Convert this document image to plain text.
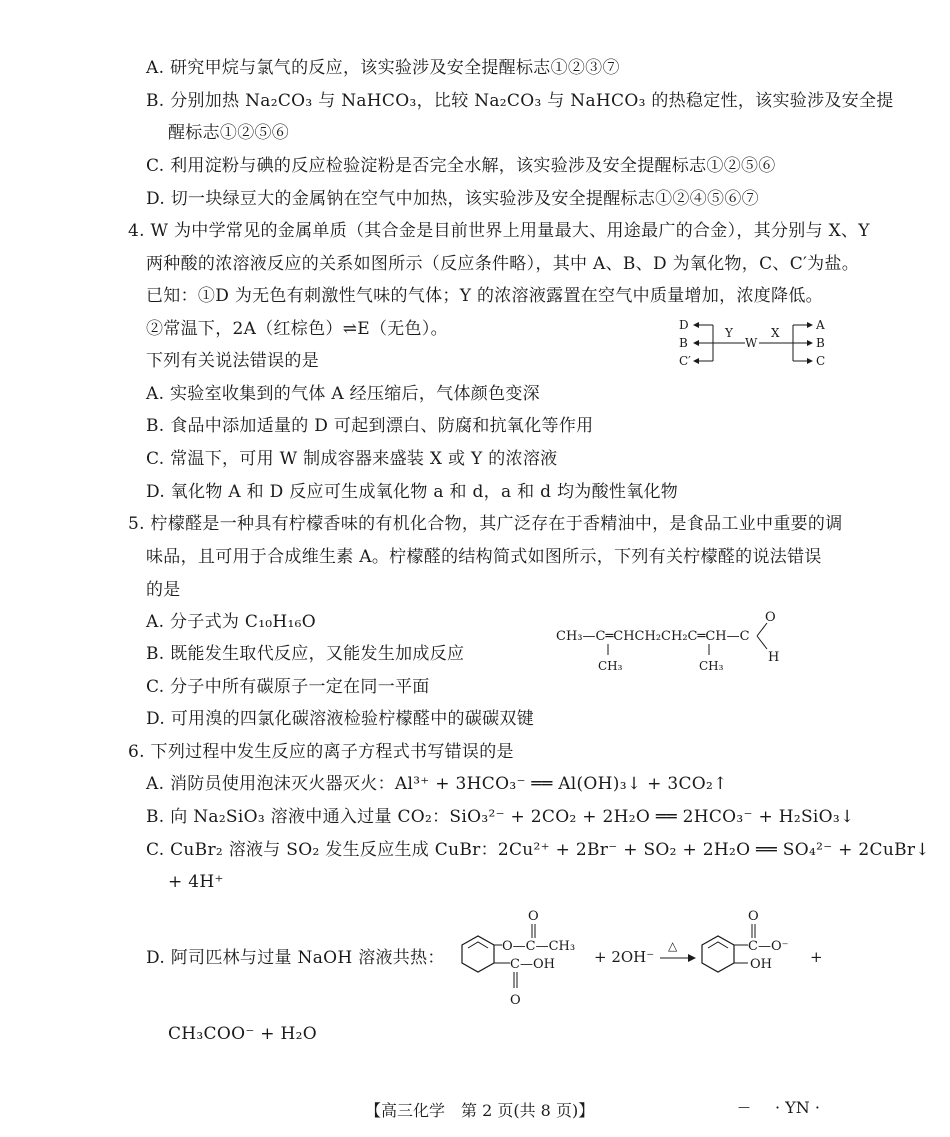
A. 研究甲烷与氯气的反应，该实验涉及安全提醒标志①②③⑦
B. 分别加热 Na₂CO₃ 与 NaHCO₃，比较 Na₂CO₃ 与 NaHCO₃ 的热稳定性，该实验涉及安全提
醒标志①②⑤⑥
C. 利用淀粉与碘的反应检验淀粉是否完全水解，该实验涉及安全提醒标志①②⑤⑥
D. 切一块绿豆大的金属钠在空气中加热，该实验涉及安全提醒标志①②④⑤⑥⑦
4. W 为中学常见的金属单质（其合金是目前世界上用量最大、用途最广的合金），其分别与 X、Y
两种酸的浓溶液反应的关系如图所示（反应条件略），其中 A、B、D 为氧化物，C、C′为盐。
已知：①D 为无色有刺激性气味的气体；Y 的浓溶液露置在空气中质量增加，浓度降低。
②常温下，2A（红棕色）⇌E（无色）。
下列有关说法错误的是
D
B
C′
Y
W
X
A
B
C
A. 实验室收集到的气体 A 经压缩后，气体颜色变深
B. 食品中添加适量的 D 可起到漂白、防腐和抗氧化等作用
C. 常温下，可用 W 制成容器来盛装 X 或 Y 的浓溶液
D. 氧化物 A 和 D 反应可生成氧化物 a 和 d，a 和 d 均为酸性氧化物
5. 柠檬醛是一种具有柠檬香味的有机化合物，其广泛存在于香精油中，是食品工业中重要的调
味品，且可用于合成维生素 A。柠檬醛的结构简式如图所示，下列有关柠檬醛的说法错误
的是
A. 分子式为 C₁₀H₁₆O
B. 既能发生取代反应，又能发生加成反应
C. 分子中所有碳原子一定在同一平面
D. 可用溴的四氯化碳溶液检验柠檬醛中的碳碳双键
CH₃—C═CHCH₂CH₂C═CH—C
O
H
CH₃	CH₃
6. 下列过程中发生反应的离子方程式书写错误的是
A. 消防员使用泡沫灭火器灭火：Al³⁺ + 3HCO₃⁻ ══ Al(OH)₃↓ + 3CO₂↑
B. 向 Na₂SiO₃ 溶液中通入过量 CO₂：SiO₃²⁻ + 2CO₂ + 2H₂O ══ 2HCO₃⁻ + H₂SiO₃↓
C. CuBr₂ 溶液与 SO₂ 发生反应生成 CuBr：2Cu²⁺ + 2Br⁻ + SO₂ + 2H₂O ══ SO₄²⁻ + 2CuBr↓
+ 4H⁺
D. 阿司匹林与过量 NaOH 溶液共热：
O
O—C—CH₃
C—OH
O
+ 2OH⁻
△
O
C—O⁻
OH	+
CH₃COO⁻ + H₂O
【高三化学　第 2 页(共 8 页)】	— · YN ·
